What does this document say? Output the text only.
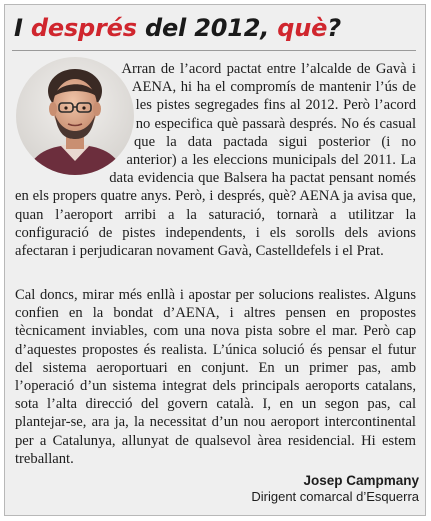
I després del 2012, què?

Arran de l’acord pactat entre l’alcalde de Gavà i AENA, hi ha el compromís de mantenir l’ús de les pistes segregades fins al 2012. Però l’acord no especifica què passarà després. No és casual que la data pactada sigui posterior (i no anterior) a les eleccions municipals del 2011. La data evidencia que Balsera ha pactat pensant només en els propers quatre anys. Però, i després, què? AENA ja avisa que, quan l’aeroport arribi a la saturació, tornarà a utilitzar la configuració de pistes independents, i els sorolls dels avions afectaran i perjudicaran novament Gavà, Castelldefels i el Prat.

Cal doncs, mirar més enllà i apostar per solucions realistes. Alguns confien en la bondat d’AENA, i altres pensen en propostes tècnicament inviables, com una nova pista sobre el mar. Però cap d’aquestes propostes és realista. L’única solució és pensar el futur del sistema aeroportuari en conjunt. En un primer pas, amb l’operació d’un sistema integrat dels principals aeroports catalans, sota l’alta direcció del govern català. I, en un segon pas, cal plantejar-se, ara ja, la necessitat d’un nou aeroport intercontinental per a Catalunya, allunyat de qualsevol àrea residencial. Hi estem treballant.

Josep Campmany
Dirigent comarcal d’Esquerra
